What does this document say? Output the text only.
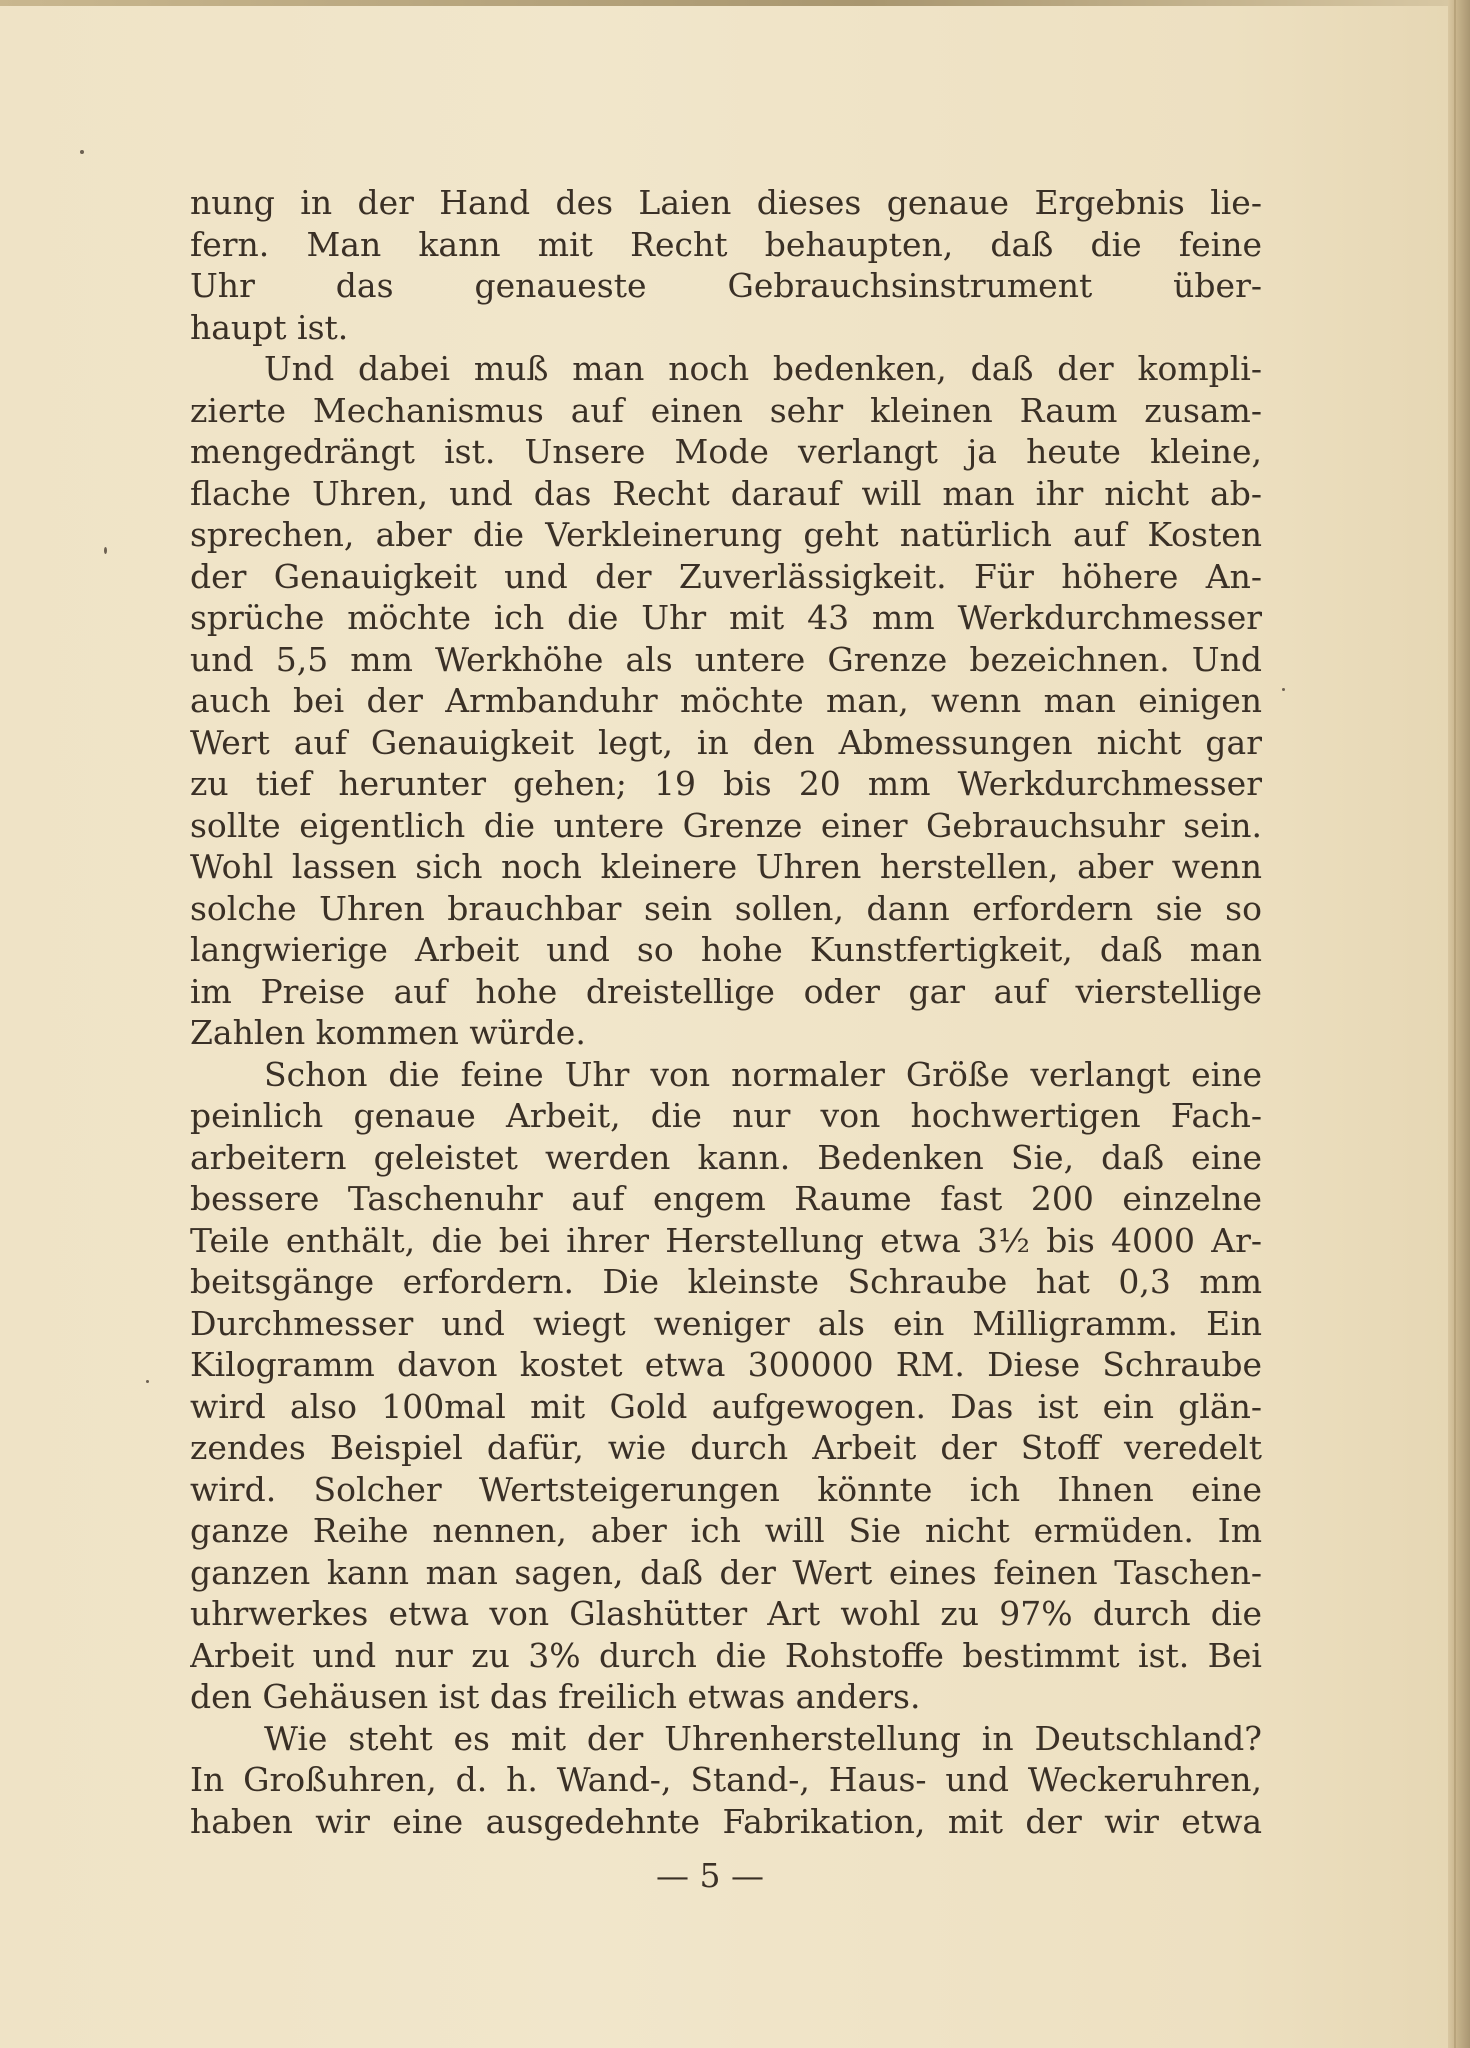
nung in der Hand des Laien dieses genaue Ergebnis lie-
fern. Man kann mit Recht behaupten, daß die feine
Uhr das genaueste Gebrauchsinstrument über-
haupt ist.
Und dabei muß man noch bedenken, daß der kompli-
zierte Mechanismus auf einen sehr kleinen Raum zusam-
mengedrängt ist. Unsere Mode verlangt ja heute kleine,
flache Uhren, und das Recht darauf will man ihr nicht ab-
sprechen, aber die Verkleinerung geht natürlich auf Kosten
der Genauigkeit und der Zuverlässigkeit. Für höhere An-
sprüche möchte ich die Uhr mit 43 mm Werkdurchmesser
und 5,5 mm Werkhöhe als untere Grenze bezeichnen. Und
auch bei der Armbanduhr möchte man, wenn man einigen
Wert auf Genauigkeit legt, in den Abmessungen nicht gar
zu tief herunter gehen; 19 bis 20 mm Werkdurchmesser
sollte eigentlich die untere Grenze einer Gebrauchsuhr sein.
Wohl lassen sich noch kleinere Uhren herstellen, aber wenn
solche Uhren brauchbar sein sollen, dann erfordern sie so
langwierige Arbeit und so hohe Kunstfertigkeit, daß man
im Preise auf hohe dreistellige oder gar auf vierstellige
Zahlen kommen würde.
Schon die feine Uhr von normaler Größe verlangt eine
peinlich genaue Arbeit, die nur von hochwertigen Fach-
arbeitern geleistet werden kann. Bedenken Sie, daß eine
bessere Taschenuhr auf engem Raume fast 200 einzelne
Teile enthält, die bei ihrer Herstellung etwa 3½ bis 4000 Ar-
beitsgänge erfordern. Die kleinste Schraube hat 0,3 mm
Durchmesser und wiegt weniger als ein Milligramm. Ein
Kilogramm davon kostet etwa 300000 RM. Diese Schraube
wird also 100mal mit Gold aufgewogen. Das ist ein glän-
zendes Beispiel dafür, wie durch Arbeit der Stoff veredelt
wird. Solcher Wertsteigerungen könnte ich Ihnen eine
ganze Reihe nennen, aber ich will Sie nicht ermüden. Im
ganzen kann man sagen, daß der Wert eines feinen Taschen-
uhrwerkes etwa von Glashütter Art wohl zu 97% durch die
Arbeit und nur zu 3% durch die Rohstoffe bestimmt ist. Bei
den Gehäusen ist das freilich etwas anders.
Wie steht es mit der Uhrenherstellung in Deutschland?
In Großuhren, d. h. Wand-, Stand-, Haus- und Weckeruhren,
haben wir eine ausgedehnte Fabrikation, mit der wir etwa
— 5 —
